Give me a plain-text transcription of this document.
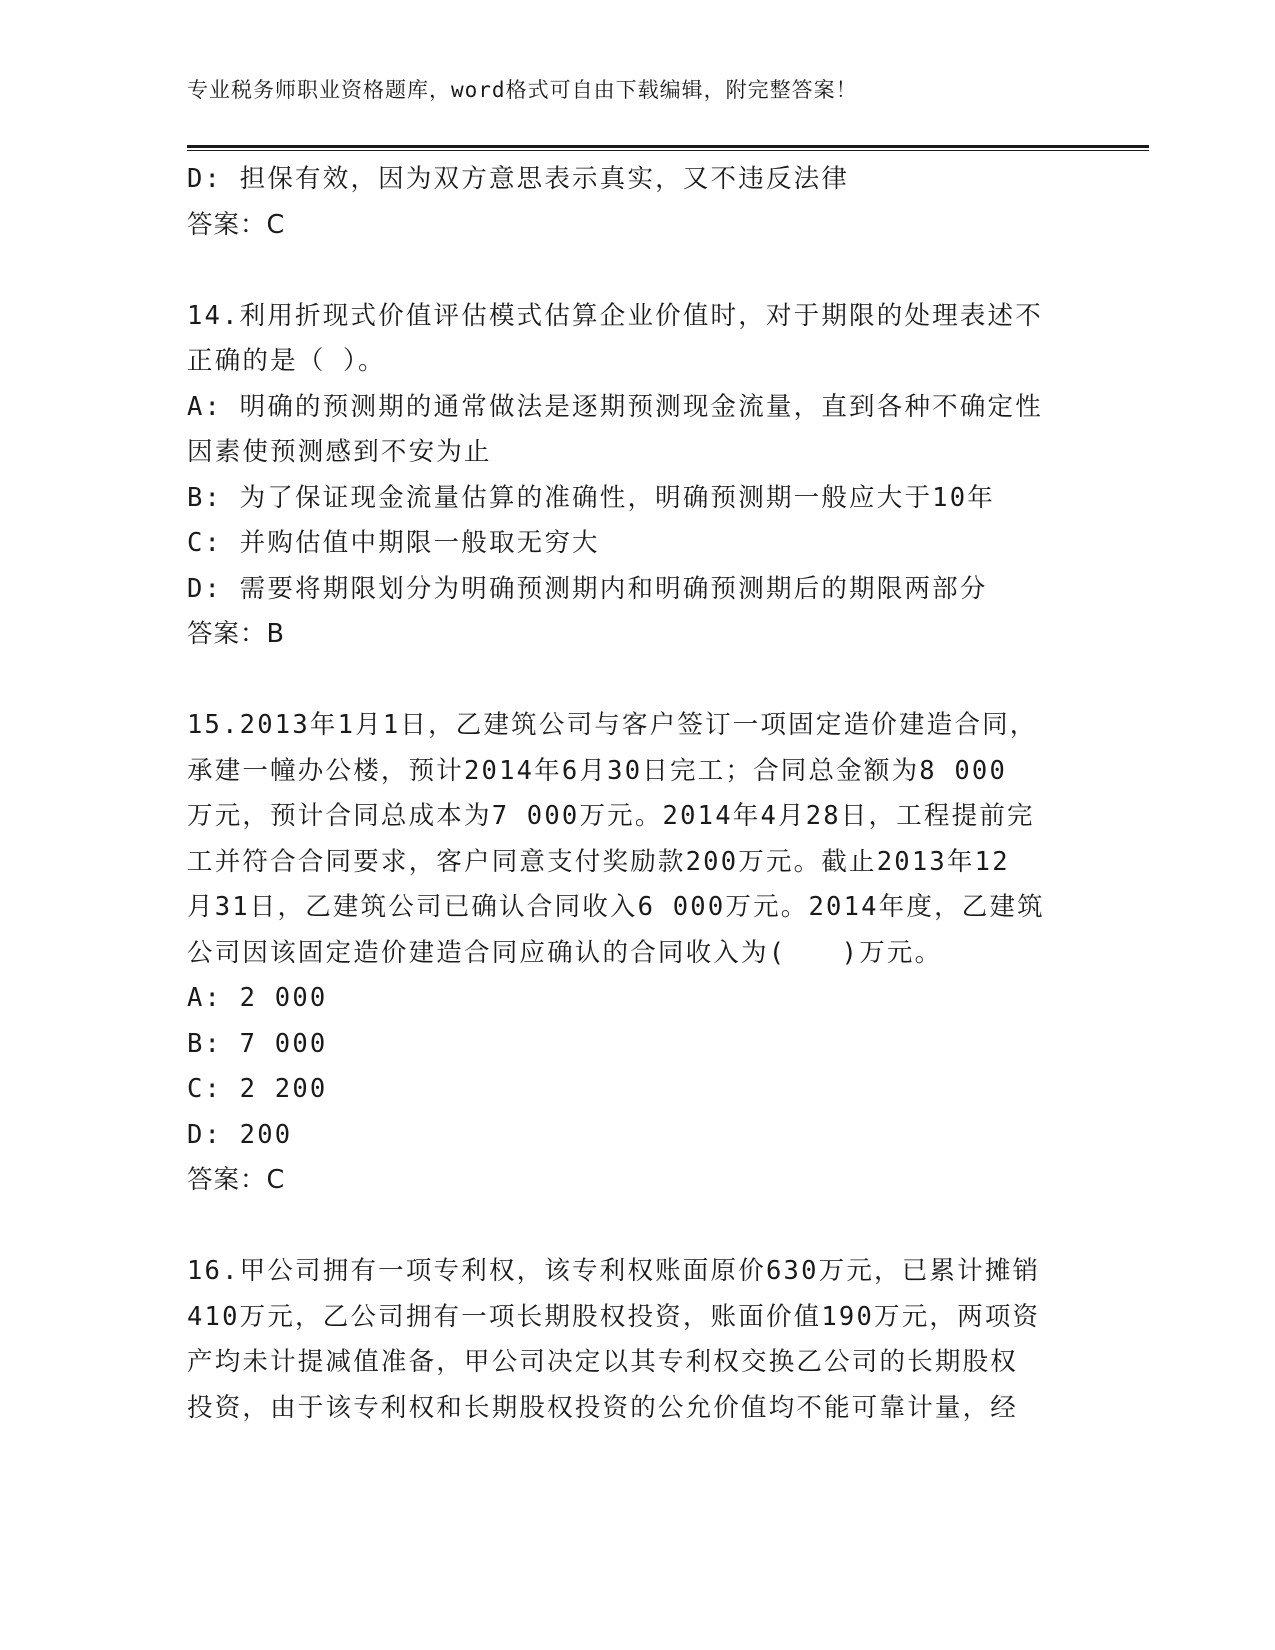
专业税务师职业资格题库，word格式可自由下载编辑，附完整答案！
D: 担保有效，因为双方意思表示真实，又不违反法律
答案：C
14.利用折现式价值评估模式估算企业价值时，对于期限的处理表述不
正确的是（ ）。
A: 明确的预测期的通常做法是逐期预测现金流量，直到各种不确定性
因素使预测感到不安为止
B: 为了保证现金流量估算的准确性，明确预测期一般应大于10年
C: 并购估值中期限一般取无穷大
D: 需要将期限划分为明确预测期内和明确预测期后的期限两部分
答案：B
15.2013年1月1日，乙建筑公司与客户签订一项固定造价建造合同，
承建一幢办公楼，预计2014年6月30日完工；合同总金额为8 000
万元，预计合同总成本为7 000万元。2014年4月28日，工程提前完
工并符合合同要求，客户同意支付奖励款200万元。截止2013年12
月31日，乙建筑公司已确认合同收入6 000万元。2014年度，乙建筑
公司因该固定造价建造合同应确认的合同收入为(　　)万元。
A: 2 000
B: 7 000
C: 2 200
D: 200
答案：C
16.甲公司拥有一项专利权，该专利权账面原价630万元，已累计摊销
410万元，乙公司拥有一项长期股权投资，账面价值190万元，两项资
产均未计提减值准备，甲公司决定以其专利权交换乙公司的长期股权
投资，由于该专利权和长期股权投资的公允价值均不能可靠计量，经
